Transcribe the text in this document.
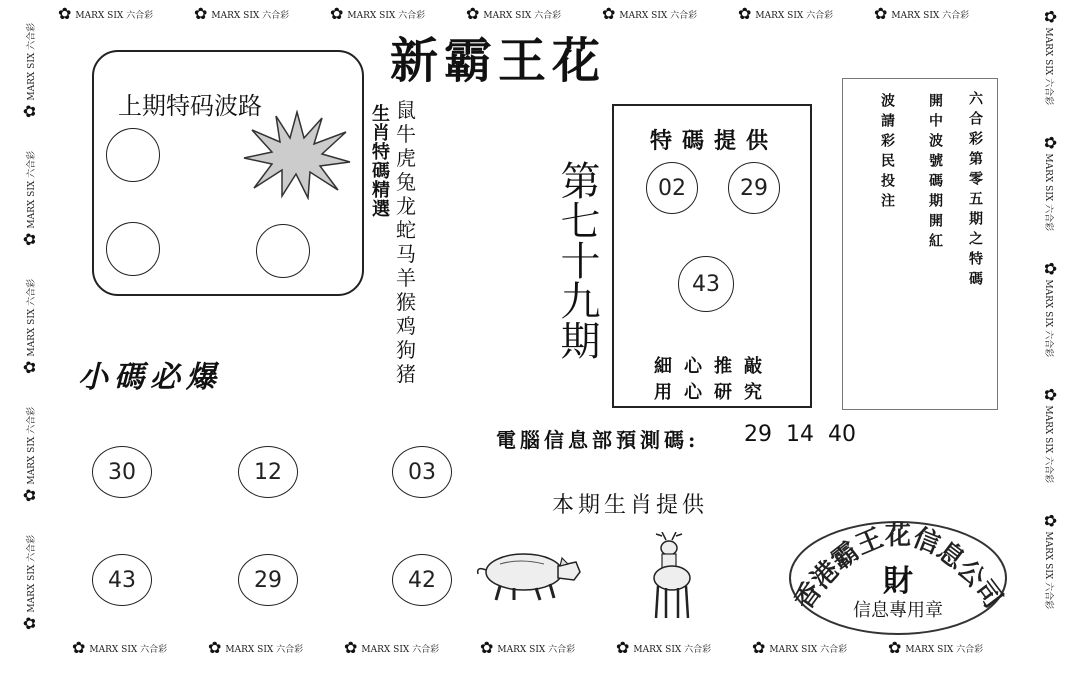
✿ MARX SIX 六合彩	✿ MARX SIX 六合彩	✿ MARX SIX 六合彩	✿ MARX SIX 六合彩	✿ MARX SIX 六合彩	✿ MARX SIX 六合彩	✿ MARX SIX 六合彩
✿ MARX SIX 六合彩	✿ MARX SIX 六合彩	✿ MARX SIX 六合彩	✿ MARX SIX 六合彩	✿ MARX SIX 六合彩	✿ MARX SIX 六合彩	✿ MARX SIX 六合彩
✿
MARX SIX 六合彩
✿
MARX SIX 六合彩
✿
MARX SIX 六合彩
✿
MARX SIX 六合彩
✿
MARX SIX 六合彩
✿
MARX SIX 六合彩
✿
MARX SIX 六合彩
✿
MARX SIX 六合彩
✿
MARX SIX 六合彩
✿
MARX SIX 六合彩
新霸王花
上期特码波路	生肖特碼精選 鼠
牛
虎
兔
龙
蛇
马
羊
猴
鸡
狗
猪
第七十九期
特碼提供
02	29
43
細心推敲
用心研究
六合彩第零五期之特碼
開中波號碼期開紅
波請彩民投注
小碼必爆
30	12	03
43	29	42
電腦信息部預測碼: 29  14  40
本期生肖提供
香港霸王花信息公司
財
信息專用章
